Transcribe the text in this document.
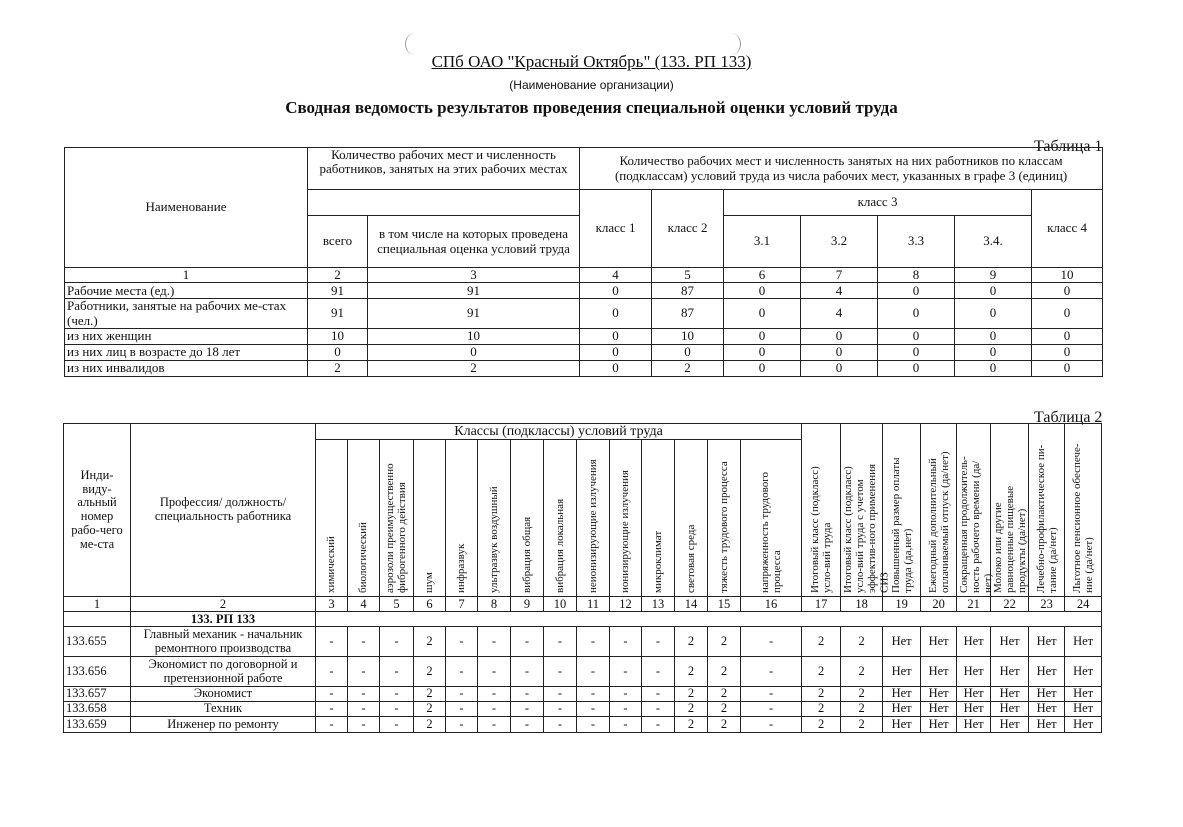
СПб ОАО "Красный Октябрь" (133. РП 133)
(Наименование организации)
Сводная ведомость результатов проведения специальной оценки условий труда
Таблица 1
Наименование	Количество рабочих мест и численность работников, занятых на этих рабочих местах		Количество рабочих мест и численность занятых на них работников по классам (подклассам) условий труда из числа рабочих мест, указанных в графе 3 (единиц)						
			класс 1	класс 2	класс 3				класс 4
	всего	в том числе на которых проведена специальная оценка условий труда			3.1	3.2	3.3	3.4.	
1	2	3	4	5	6	7	8	9	10
Рабочие места (ед.)	91	91	0	87	0	4	0	0	0
Работники, занятые на рабочих ме-стах (чел.)	91	91	0	87	0	4	0	0	0
из них женщин	10	10	0	10	0	0	0	0	0
из них лиц в возрасте до 18 лет	0	0	0	0	0	0	0	0	0
из них инвалидов	2	2	0	2	0	0	0	0	0
Таблица 2
Инди-виду-альный номер рабо-чего ме-ста	Профессия/ должность/ специальность работника	Классы (подклассы) условий труда														Итоговый класс (подкласс) усло-вий труда	Итоговый класс (подкласс) усло-вий труда с учетом эффектив-ного применения СИЗ	Повышенный размер оплаты труда (да,нет)	Ежегодный дополнительный оплачиваемый отпуск (да/нет)	Сокращенная продолжитель-ность рабочего времени (да/нет)	Молоко или другие равноценные пищевые продукты (да/нет)	Лечебно-профилактическое пи-тание (да/нет)	Льготное пенсионное обеспече-ние (да/нет)

		химический	биологический	аэрозоли преимущественно фиброгенного действия	шум	инфразвук	ультразвук воздушный	вибрация общая	вибрация локальная	неионизирующие излучения	ионизирующие излучения	микроклимат	световая среда	тяжесть трудового процесса	напряженность трудового процесса								

1	2	3	4	5	6	7	8	9	10	11	12	13	14	15	16	17	18	19	20	21	22	23	24
	133. РП 133																						
133.655	Главный механик - начальник ремонтного производства	-	-	-	2	-	-	-	-	-	-	-	2	2	-	2	2	Нет	Нет	Нет	Нет	Нет	Нет
133.656	Экономист по договорной и претензионной работе	-	-	-	2	-	-	-	-	-	-	-	2	2	-	2	2	Нет	Нет	Нет	Нет	Нет	Нет
133.657	Экономист	-	-	-	2	-	-	-	-	-	-	-	2	2	-	2	2	Нет	Нет	Нет	Нет	Нет	Нет
133.658	Техник	-	-	-	2	-	-	-	-	-	-	-	2	2	-	2	2	Нет	Нет	Нет	Нет	Нет	Нет
133.659	Инженер по ремонту	-	-	-	2	-	-	-	-	-	-	-	2	2	-	2	2	Нет	Нет	Нет	Нет	Нет	Нет
